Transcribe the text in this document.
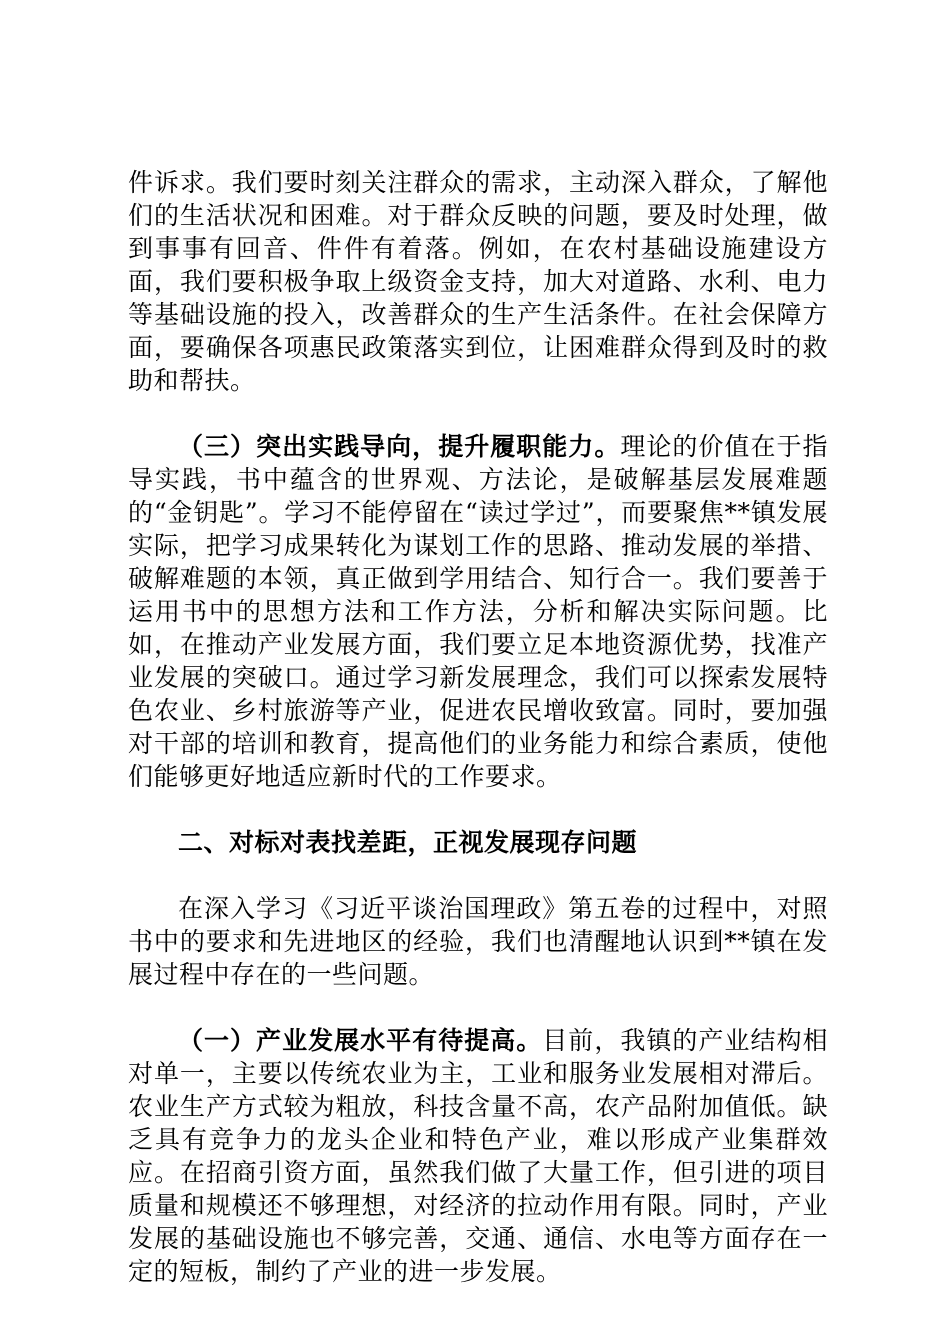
件诉求。我们要时刻关注群众的需求，主动深入群众，了解他们的生活状况和困难。对于群众反映的问题，要及时处理，做到事事有回音、件件有着落。例如，在农村基础设施建设方面，我们要积极争取上级资金支持，加大对道路、水利、电力等基础设施的投入，改善群众的生产生活条件。在社会保障方面，要确保各项惠民政策落实到位，让困难群众得到及时的救助和帮扶。

（三）突出实践导向，提升履职能力。理论的价值在于指导实践，书中蕴含的世界观、方法论，是破解基层发展难题的“金钥匙”。学习不能停留在“读过学过”，而要聚焦**镇发展实际，把学习成果转化为谋划工作的思路、推动发展的举措、破解难题的本领，真正做到学用结合、知行合一。我们要善于运用书中的思想方法和工作方法，分析和解决实际问题。比如，在推动产业发展方面，我们要立足本地资源优势，找准产业发展的突破口。通过学习新发展理念，我们可以探索发展特色农业、乡村旅游等产业，促进农民增收致富。同时，要加强对干部的培训和教育，提高他们的业务能力和综合素质，使他们能够更好地适应新时代的工作要求。

二、对标对表找差距，正视发展现存问题

在深入学习《习近平谈治国理政》第五卷的过程中，对照书中的要求和先进地区的经验，我们也清醒地认识到**镇在发展过程中存在的一些问题。

（一）产业发展水平有待提高。目前，我镇的产业结构相对单一，主要以传统农业为主，工业和服务业发展相对滞后。农业生产方式较为粗放，科技含量不高，农产品附加值低。缺乏具有竞争力的龙头企业和特色产业，难以形成产业集群效应。在招商引资方面，虽然我们做了大量工作，但引进的项目质量和规模还不够理想，对经济的拉动作用有限。同时，产业发展的基础设施也不够完善，交通、通信、水电等方面存在一定的短板，制约了产业的进一步发展。
